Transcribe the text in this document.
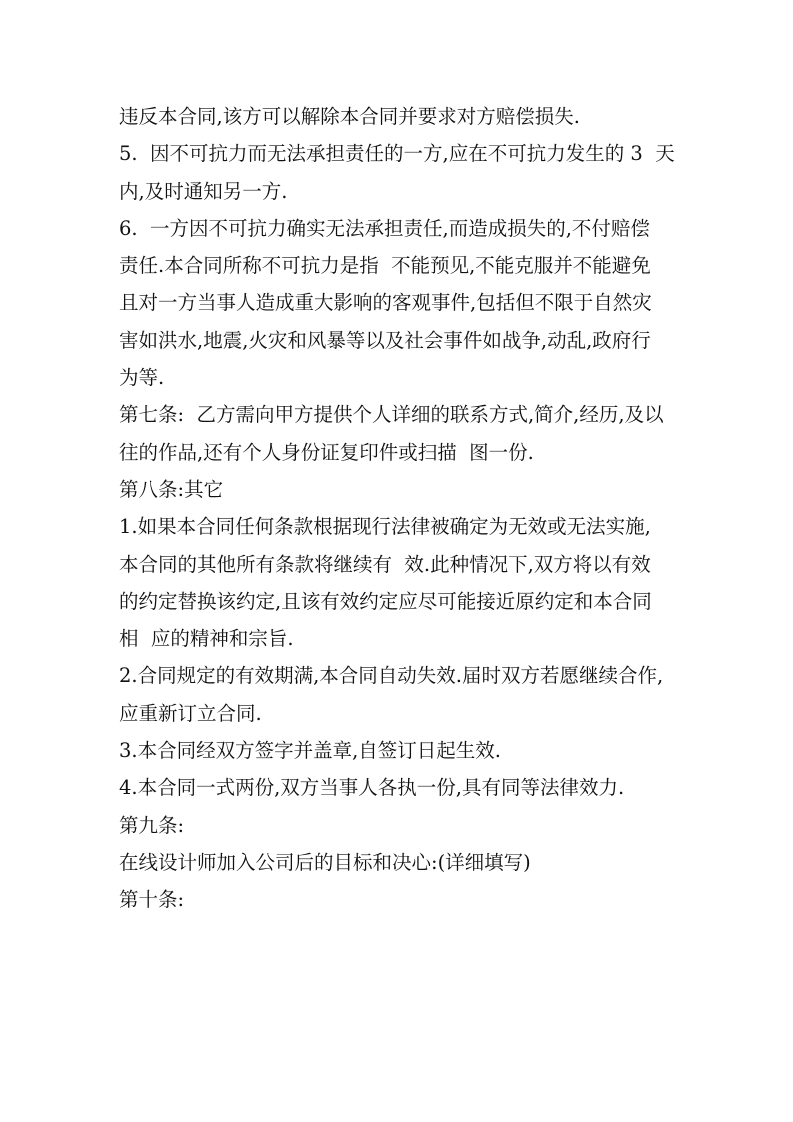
违反本合同,该方可以解除本合同并要求对方赔偿损失.
5.  因不可抗力而无法承担责任的一方,应在不可抗力发生的 3  天
内,及时通知另一方.
6.  一方因不可抗力确实无法承担责任,而造成损失的,不付赔偿
责任.本合同所称不可抗力是指  不能预见,不能克服并不能避免
且对一方当事人造成重大影响的客观事件,包括但不限于自然灾
害如洪水,地震,火灾和风暴等以及社会事件如战争,动乱,政府行
为等.
第七条:  乙方需向甲方提供个人详细的联系方式,简介,经历,及以
往的作品,还有个人身份证复印件或扫描  图一份.
第八条:其它
1.如果本合同任何条款根据现行法律被确定为无效或无法实施,
本合同的其他所有条款将继续有  效.此种情况下,双方将以有效
的约定替换该约定,且该有效约定应尽可能接近原约定和本合同
相  应的精神和宗旨.
2.合同规定的有效期满,本合同自动失效.届时双方若愿继续合作,
应重新订立合同.
3.本合同经双方签字并盖章,自签订日起生效.
4.本合同一式两份,双方当事人各执一份,具有同等法律效力.
第九条:
在线设计师加入公司后的目标和决心:(详细填写)
第十条:
